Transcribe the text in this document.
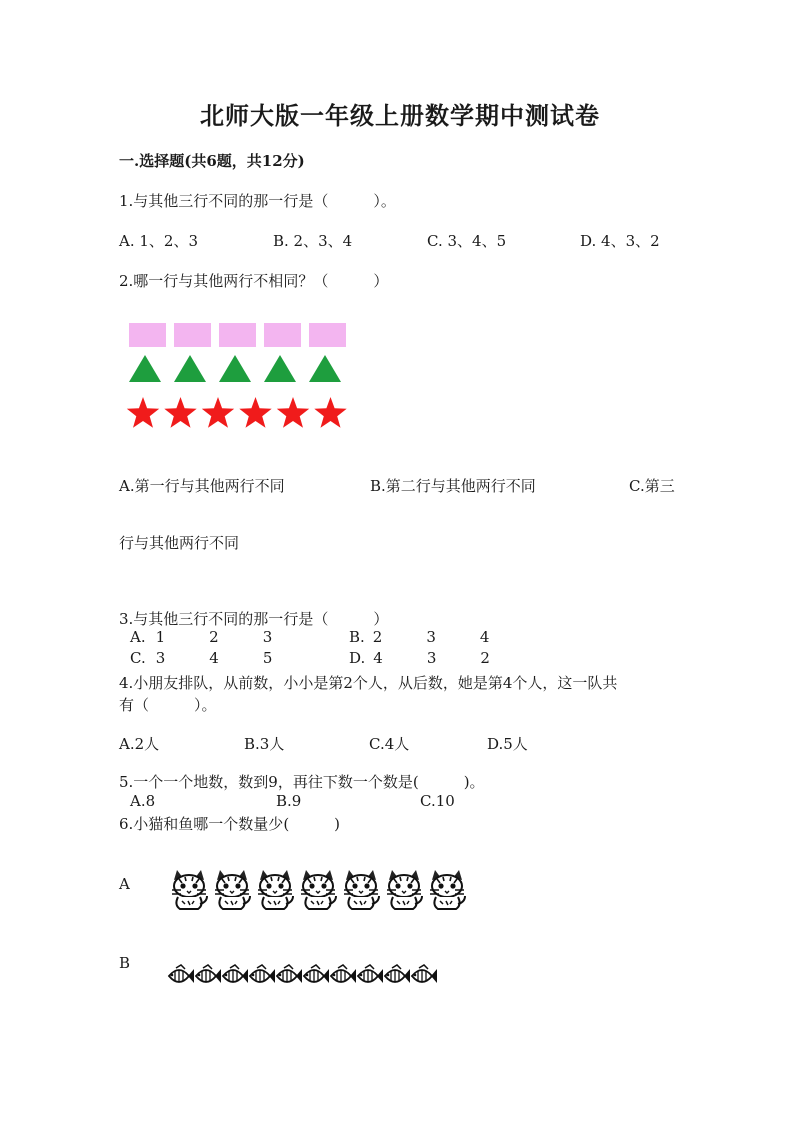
北师大版一年级上册数学期中测试卷
一.选择题(共6题，共12分)
1.与其他三行不同的那一行是（　　　）。
A. 1、2、3	B. 2、3、4	C. 3、4、5	D. 4、3、2
2.哪一行与其他两行不相同？（　　　）
A.第一行与其他两行不同	B.第二行与其他两行不同	C.第三
行与其他两行不同
3.与其他三行不同的那一行是（　　　）
A. 1	2	3	B. 2	3	4
C. 3	4	5	D. 4	3	2
4.小朋友排队，从前数，小小是第2个人，从后数，她是第4个人，这一队共
有（　　　）。
A.2人	B.3人	C.4人	D.5人
5.一个一个地数，数到9，再往下数一个数是(　　　)。
A.8	B.9	C.10
6.小猫和鱼哪一个数量少(　　　)
A
B
